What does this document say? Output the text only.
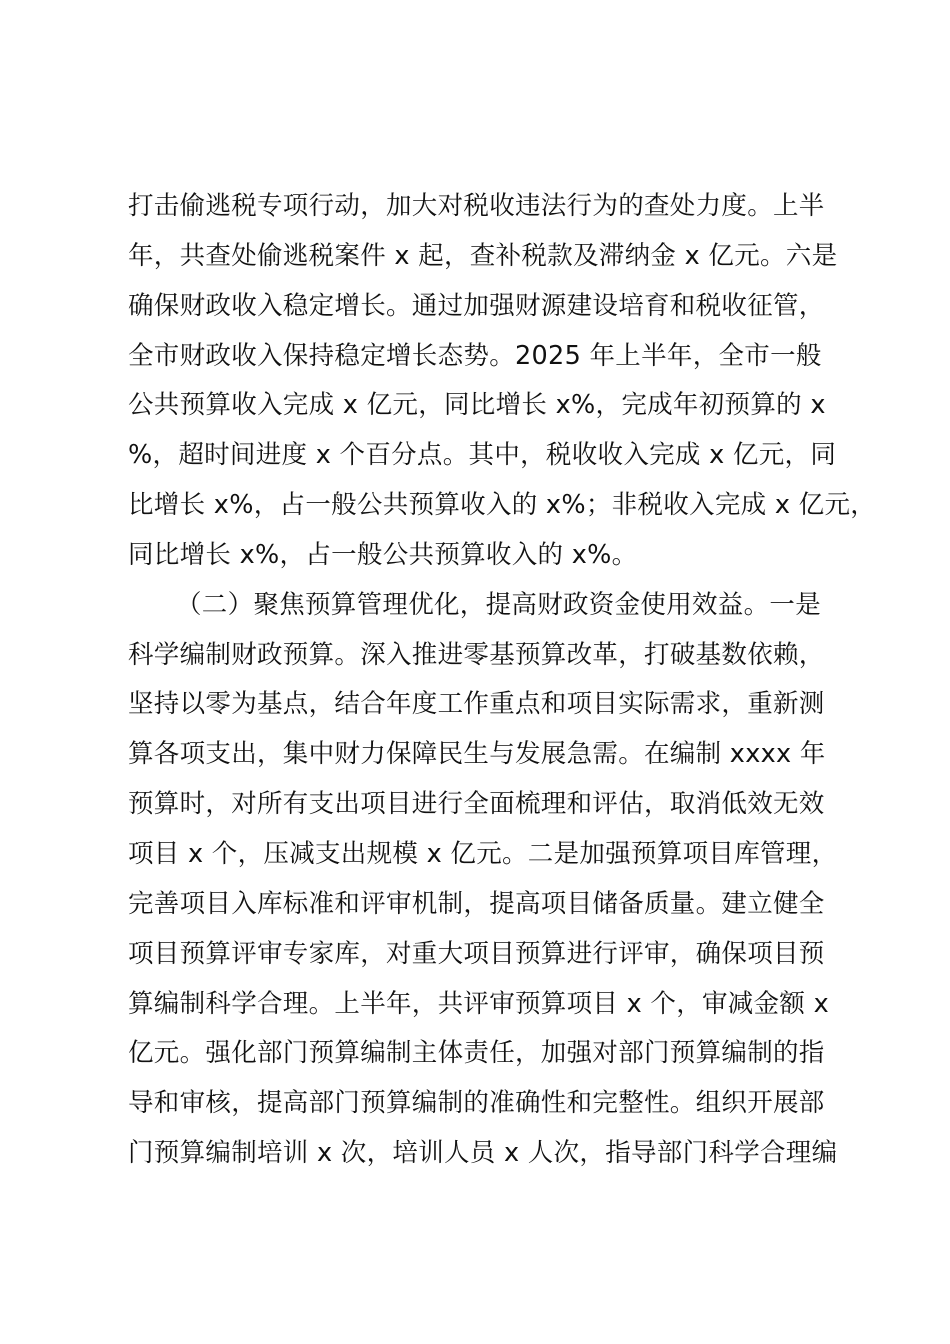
打击偷逃税专项行动，加大对税收违法行为的查处力度。上半
年，共查处偷逃税案件 x 起，查补税款及滞纳金 x 亿元。六是
确保财政收入稳定增长。通过加强财源建设培育和税收征管，
全市财政收入保持稳定增长态势。2025 年上半年，全市一般
公共预算收入完成 x 亿元，同比增长 x%，完成年初预算的 x
%，超时间进度 x 个百分点。其中，税收收入完成 x 亿元，同
比增长 x%，占一般公共预算收入的 x%；非税收入完成 x 亿元，
同比增长 x%，占一般公共预算收入的 x%。
（二）聚焦预算管理优化，提高财政资金使用效益。一是
科学编制财政预算。深入推进零基预算改革，打破基数依赖，
坚持以零为基点，结合年度工作重点和项目实际需求，重新测
算各项支出，集中财力保障民生与发展急需。在编制 xxxx 年
预算时，对所有支出项目进行全面梳理和评估，取消低效无效
项目 x 个，压减支出规模 x 亿元。二是加强预算项目库管理，
完善项目入库标准和评审机制，提高项目储备质量。建立健全
项目预算评审专家库，对重大项目预算进行评审，确保项目预
算编制科学合理。上半年，共评审预算项目 x 个，审减金额 x
亿元。强化部门预算编制主体责任，加强对部门预算编制的指
导和审核，提高部门预算编制的准确性和完整性。组织开展部
门预算编制培训 x 次，培训人员 x 人次，指导部门科学合理编
